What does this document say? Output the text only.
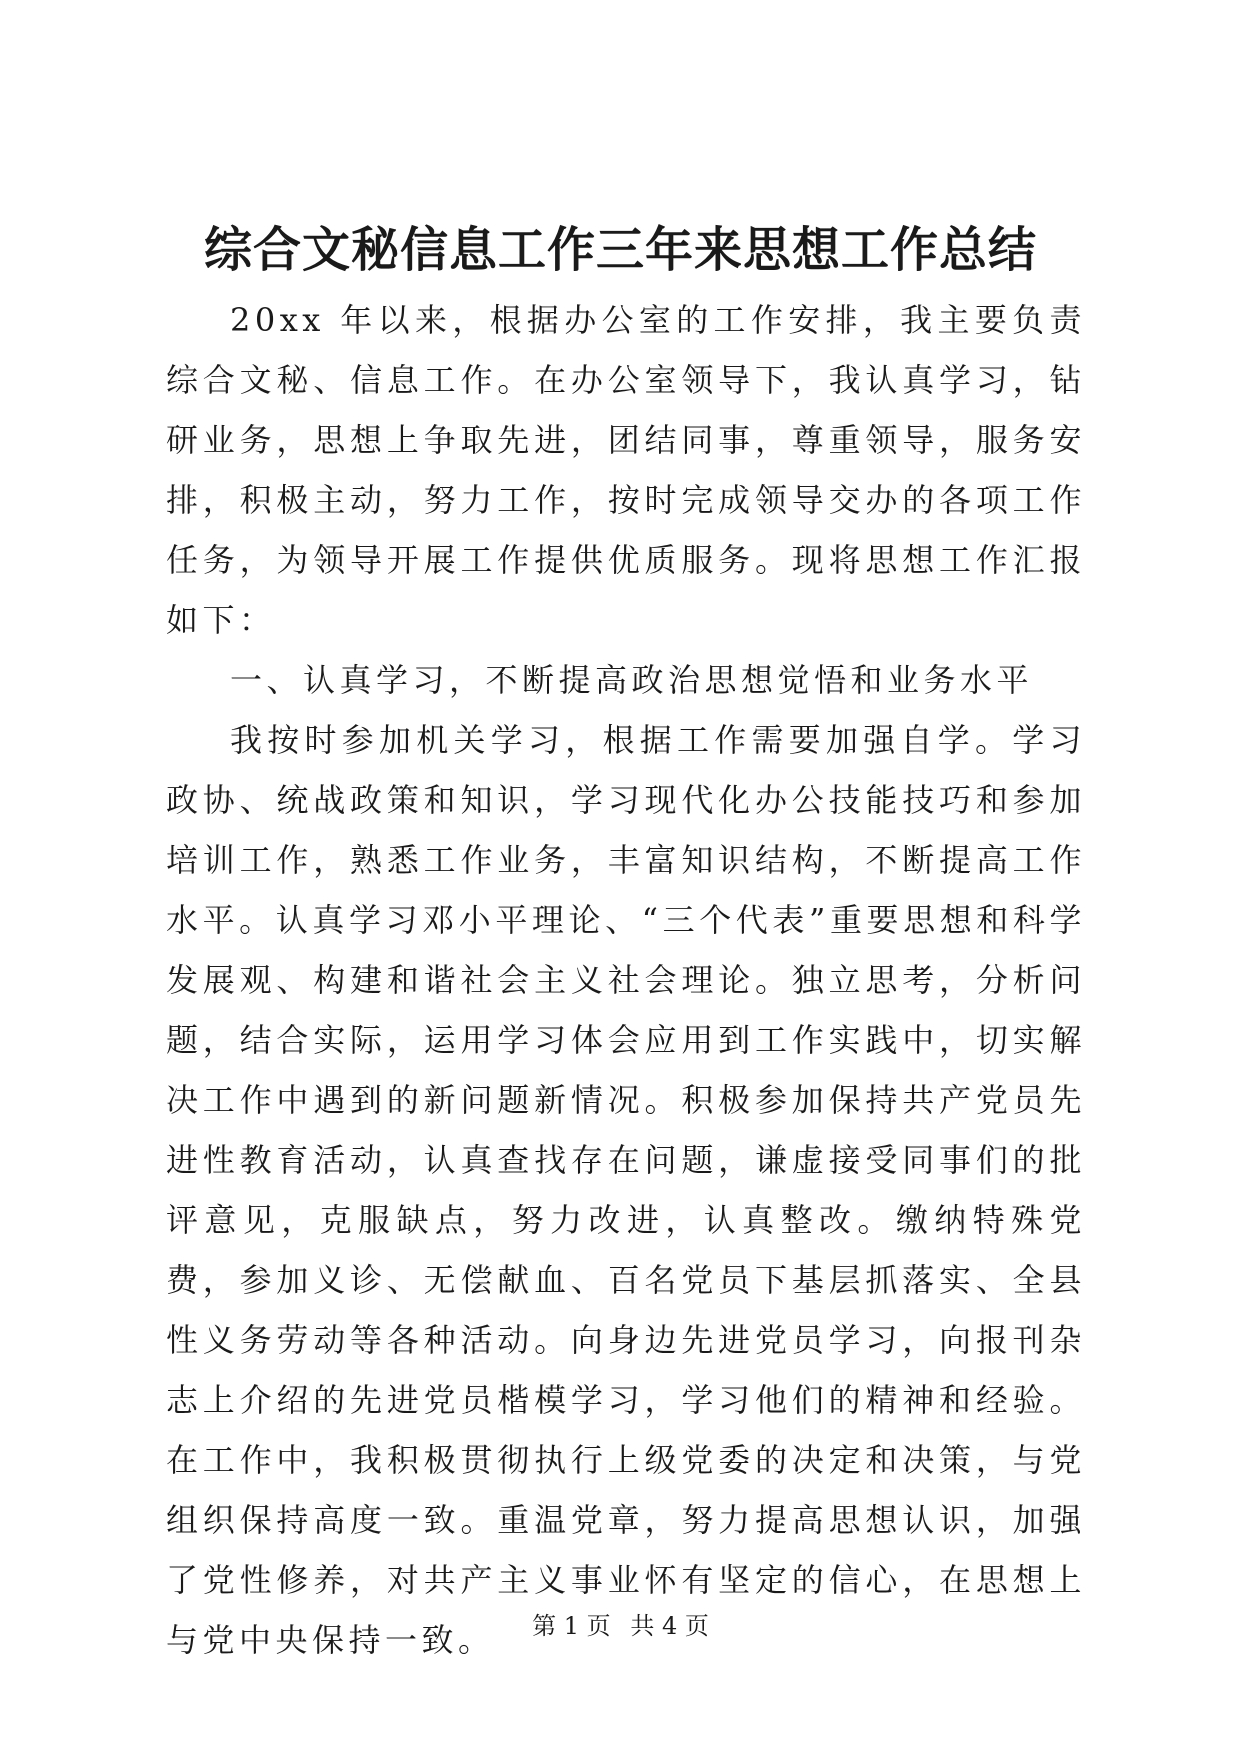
综合文秘信息工作三年来思想工作总结

20xx 年以来，根据办公室的工作安排，我主要负责综合文秘、信息工作。在办公室领导下，我认真学习，钻研业务，思想上争取先进，团结同事，尊重领导，服务安排，积极主动，努力工作，按时完成领导交办的各项工作任务，为领导开展工作提供优质服务。现将思想工作汇报如下：

一、认真学习，不断提高政治思想觉悟和业务水平

我按时参加机关学习，根据工作需要加强自学。学习政协、统战政策和知识，学习现代化办公技能技巧和参加培训工作，熟悉工作业务，丰富知识结构，不断提高工作水平。认真学习邓小平理论、“三个代表”重要思想和科学发展观、构建和谐社会主义社会理论。独立思考，分析问题，结合实际，运用学习体会应用到工作实践中，切实解决工作中遇到的新问题新情况。积极参加保持共产党员先进性教育活动，认真查找存在问题，谦虚接受同事们的批评意见，克服缺点，努力改进，认真整改。缴纳特殊党费，参加义诊、无偿献血、百名党员下基层抓落实、全县性义务劳动等各种活动。向身边先进党员学习，向报刊杂志上介绍的先进党员楷模学习，学习他们的精神和经验。在工作中，我积极贯彻执行上级党委的决定和决策，与党组织保持高度一致。重温党章，努力提高思想认识，加强了党性修养，对共产主义事业怀有坚定的信心，在思想上与党中央保持一致。	第 1 页 共 4 页
